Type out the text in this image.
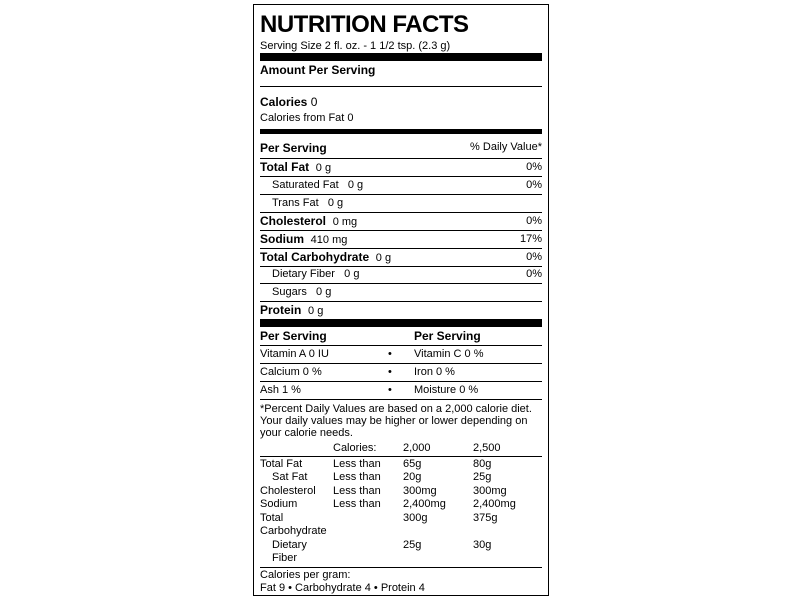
NUTRITION FACTS
Serving Size 2 fl. oz. - 1 1/2 tsp. (2.3 g)
Amount Per Serving
Calories 0
Calories from Fat 0
Per Serving	% Daily Value*
Total Fat 0 g	0%
Saturated Fat 0 g	0%
Trans Fat 0 g
Cholesterol 0 mg	0%
Sodium 410 mg	17%
Total Carbohydrate 0 g	0%
Dietary Fiber 0 g	0%
Sugars 0 g
Protein 0 g
Per Serving	Per Serving
Vitamin A 0 IU	• Vitamin C 0 %
Calcium 0 %	• Iron 0 %
Ash 1 %	• Moisture 0 %
*Percent Daily Values are based on a 2,000 calorie diet.
Your daily values may be higher or lower depending on
your calorie needs.
Calories: 2,000	2,500
Total Fat	Less than 65g	80g
Sat Fat Less than 20g	25g
Cholesterol Less than 300mg	300mg
Sodium	Less than 2,400mg 2,400mg
Total	300g	375g
Carbohydrate
Dietary	25g	30g
Fiber
Calories per gram:
Fat 9 • Carbohydrate 4 • Protein 4
